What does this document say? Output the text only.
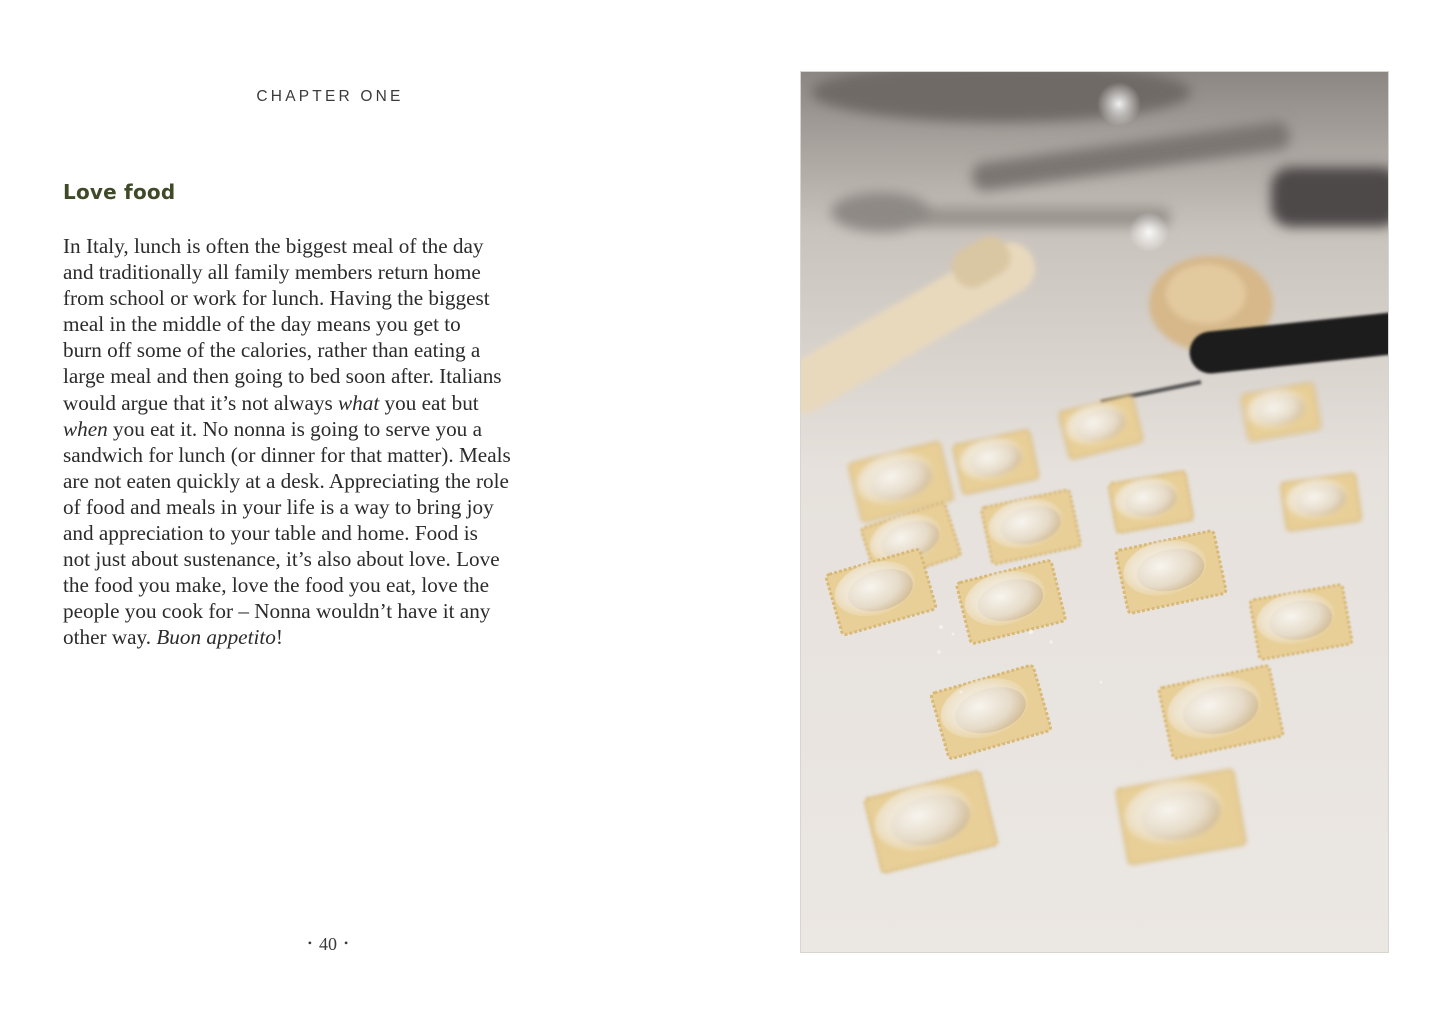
CHAPTER ONE
Love food

In Italy, lunch is often the biggest meal of the day
and traditionally all family members return home
from school or work for lunch. Having the biggest
meal in the middle of the day means you get to
burn off some of the calories, rather than eating a
large meal and then going to bed soon after. Italians
would argue that it’s not always what you eat but
when you eat it. No nonna is going to serve you a
sandwich for lunch (or dinner for that matter). Meals
are not eaten quickly at a desk. Appreciating the role
of food and meals in your life is a way to bring joy
and appreciation to your table and home. Food is
not just about sustenance, it’s also about love. Love
the food you make, love the food you eat, love the
people you cook for – Nonna wouldn’t have it any
other way. Buon appetito!

• 40 •
